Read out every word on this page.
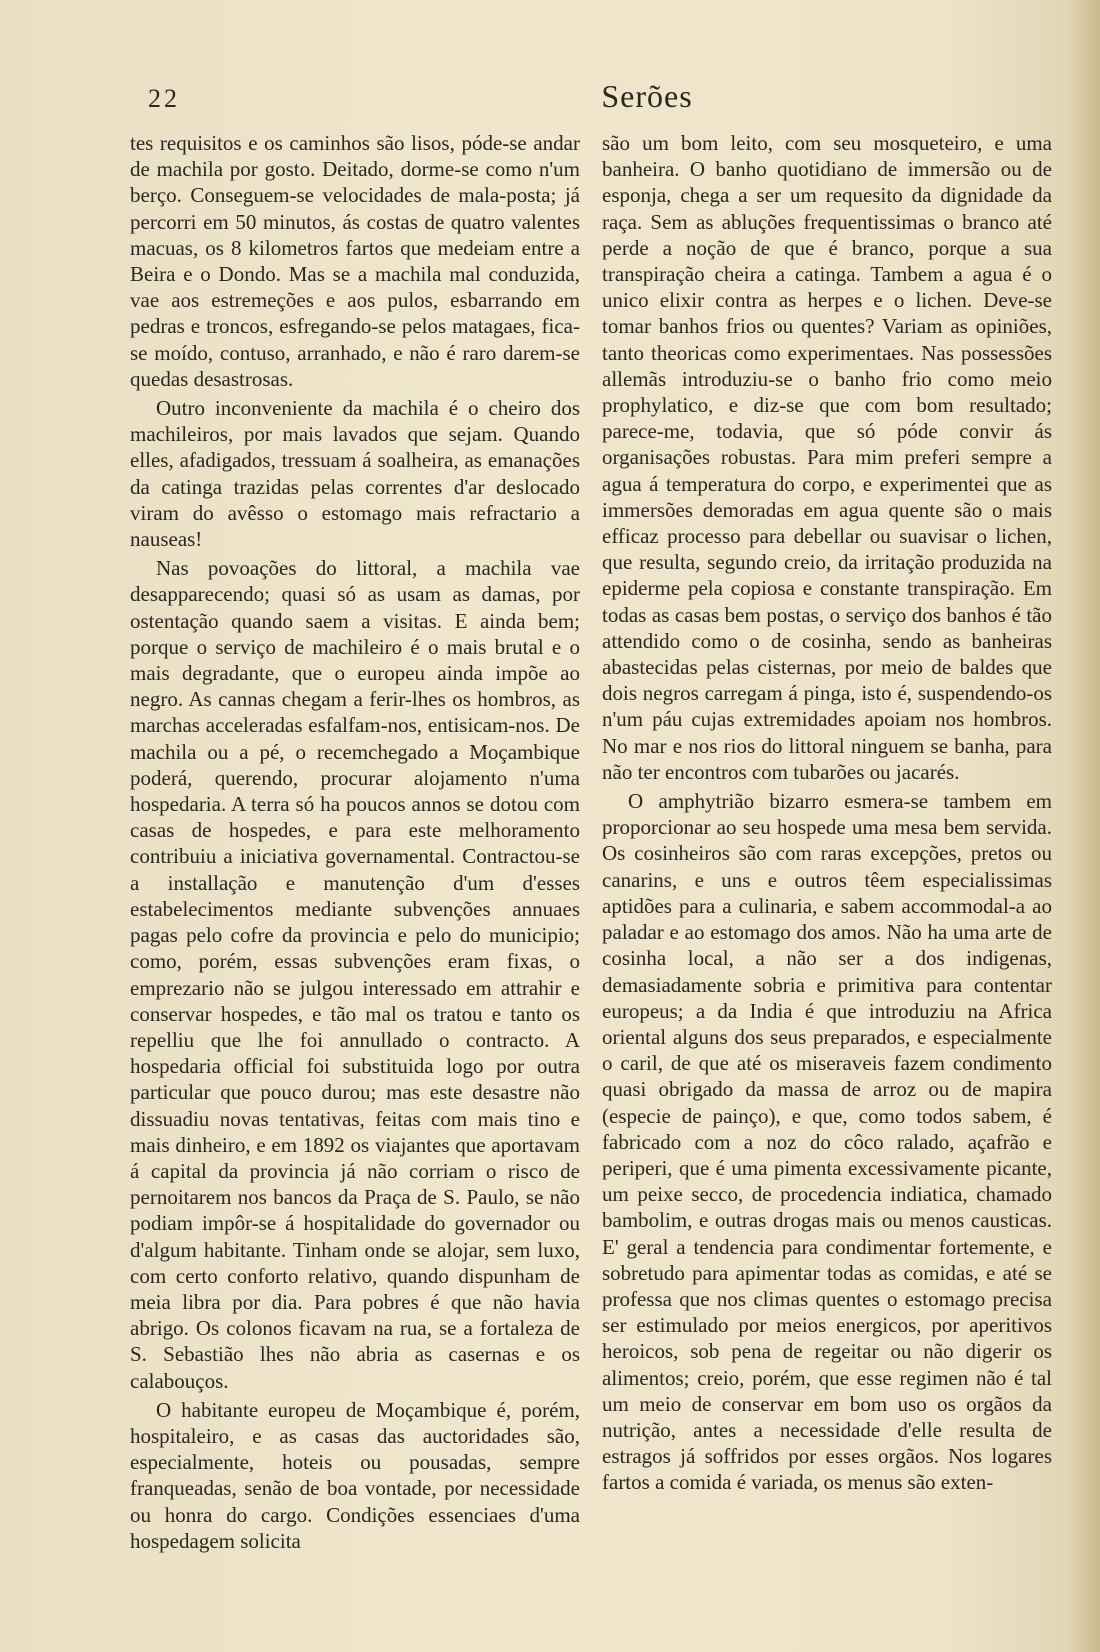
22	Serões

tes requisitos e os caminhos são lisos, póde-se andar de machila por gosto. Deitado, dorme-se como n'um berço. Conseguem-se velocidades de mala-posta; já percorri em 50 minutos, ás costas de quatro valentes macuas, os 8 kilometros fartos que medeiam entre a Beira e o Dondo. Mas se a machila mal conduzida, vae aos estremeções e aos pulos, esbarrando em pedras e troncos, esfregando-se pelos matagaes, fica-se moído, contuso, arranhado, e não é raro darem-se quedas desastrosas.

Outro inconveniente da machila é o cheiro dos machileiros, por mais lavados que sejam. Quando elles, afadigados, tressuam á soalheira, as emanações da catinga trazidas pelas correntes d'ar deslocado viram do avêsso o estomago mais refractario a nauseas!

Nas povoações do littoral, a machila vae desapparecendo; quasi só as usam as damas, por ostentação quando saem a visitas. E ainda bem; porque o serviço de machileiro é o mais brutal e o mais degradante, que o europeu ainda impõe ao negro. As cannas chegam a ferir-lhes os hombros, as marchas acceleradas esfalfam-nos, entisicam-nos. De machila ou a pé, o recemchegado a Moçambique poderá, querendo, procurar alojamento n'uma hospedaria. A terra só ha poucos annos se dotou com casas de hospedes, e para este melhoramento contribuiu a iniciativa governamental. Contractou-se a installação e manutenção d'um d'esses estabelecimentos mediante subvenções annuaes pagas pelo cofre da provincia e pelo do municipio; como, porém, essas subvenções eram fixas, o emprezario não se julgou interessado em attrahir e conservar hospedes, e tão mal os tratou e tanto os repelliu que lhe foi annullado o contracto. A hospedaria official foi substituida logo por outra particular que pouco durou; mas este desastre não dissuadiu novas tentativas, feitas com mais tino e mais dinheiro, e em 1892 os viajantes que aportavam á capital da provincia já não corriam o risco de pernoitarem nos bancos da Praça de S. Paulo, se não podiam impôr-se á hospitalidade do governador ou d'algum habitante. Tinham onde se alojar, sem luxo, com certo conforto relativo, quando dispunham de meia libra por dia. Para pobres é que não havia abrigo. Os colonos ficavam na rua, se a fortaleza de S. Sebastião lhes não abria as casernas e os calabouços.

O habitante europeu de Moçambique é, porém, hospitaleiro, e as casas das auctoridades são, especialmente, hoteis ou pousadas, sempre franqueadas, senão de boa vontade, por necessidade ou honra do cargo. Condições essenciaes d'uma hospedagem solicita

são um bom leito, com seu mosqueteiro, e uma banheira. O banho quotidiano de immersão ou de esponja, chega a ser um requesito da dignidade da raça. Sem as abluções frequentissimas o branco até perde a noção de que é branco, porque a sua transpiração cheira a catinga. Tambem a agua é o unico elixir contra as herpes e o lichen. Deve-se tomar banhos frios ou quentes? Variam as opiniões, tanto theoricas como experimentaes. Nas possessões allemãs introduziu-se o banho frio como meio prophylatico, e diz-se que com bom resultado; parece-me, todavia, que só póde convir ás organisações robustas. Para mim preferi sempre a agua á temperatura do corpo, e experimentei que as immersões demoradas em agua quente são o mais efficaz processo para debellar ou suavisar o lichen, que resulta, segundo creio, da irritação produzida na epiderme pela copiosa e constante transpiração. Em todas as casas bem postas, o serviço dos banhos é tão attendido como o de cosinha, sendo as banheiras abastecidas pelas cisternas, por meio de baldes que dois negros carregam á pinga, isto é, suspendendo-os n'um páu cujas extremidades apoiam nos hombros. No mar e nos rios do littoral ninguem se banha, para não ter encontros com tubarões ou jacarés.

O amphytrião bizarro esmera-se tambem em proporcionar ao seu hospede uma mesa bem servida. Os cosinheiros são com raras excepções, pretos ou canarins, e uns e outros têem especialissimas aptidões para a culinaria, e sabem accommodal-a ao paladar e ao estomago dos amos. Não ha uma arte de cosinha local, a não ser a dos indigenas, demasiadamente sobria e primitiva para contentar europeus; a da India é que introduziu na Africa oriental alguns dos seus preparados, e especialmente o caril, de que até os miseraveis fazem condimento quasi obrigado da massa de arroz ou de mapira (especie de painço), e que, como todos sabem, é fabricado com a noz do côco ralado, açafrão e periperi, que é uma pimenta excessivamente picante, um peixe secco, de procedencia indiatica, chamado bambolim, e outras drogas mais ou menos causticas. E' geral a tendencia para condimentar fortemente, e sobretudo para apimentar todas as comidas, e até se professa que nos climas quentes o estomago precisa ser estimulado por meios energicos, por aperitivos heroicos, sob pena de regeitar ou não digerir os alimentos; creio, porém, que esse regimen não é tal um meio de conservar em bom uso os orgãos da nutrição, antes a necessidade d'elle resulta de estragos já soffridos por esses orgãos. Nos logares fartos a comida é variada, os menus são exten-
